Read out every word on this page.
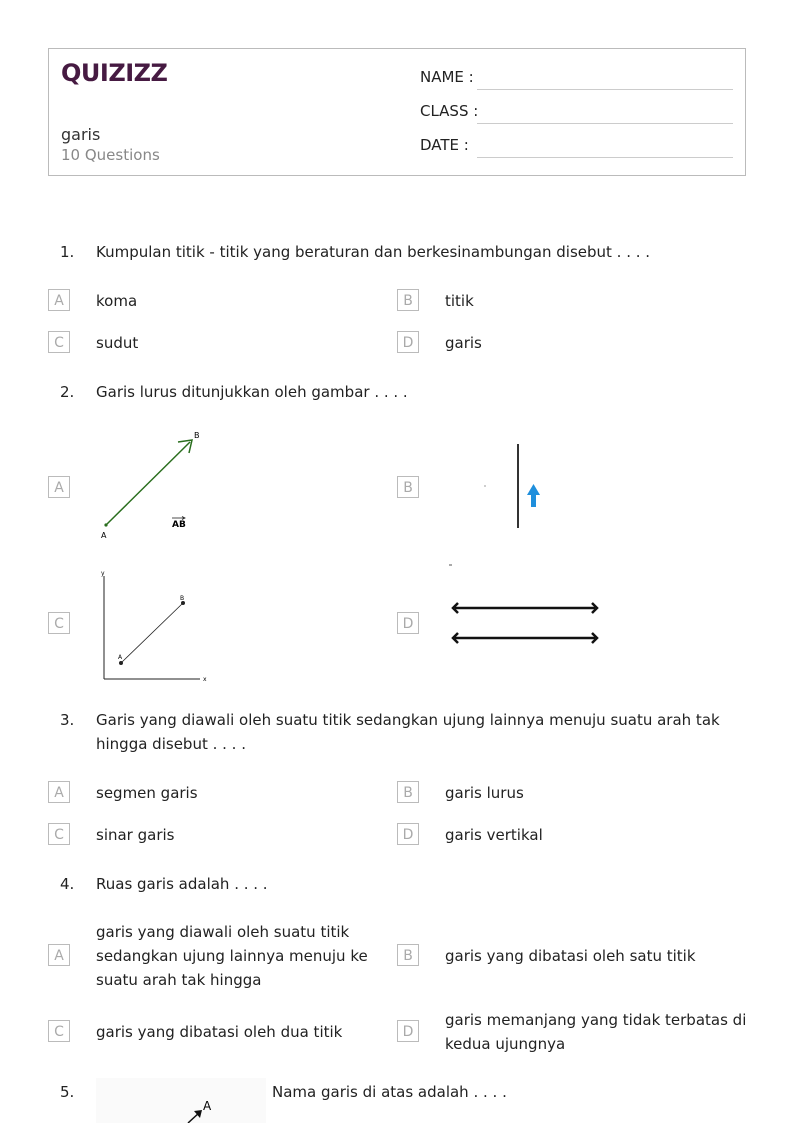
QUIZIZZ
garis
10 Questions
NAME :
CLASS :
DATE :
1.	Kumpulan titik - titik yang beraturan dan berkesinambungan disebut . . . .
A	koma	B	titik
C	sudut	D	garis
2.	Garis lurus ditunjukkan oleh gambar . . . .
A
A
B
AB
B
C
y
x
A
B
D
3.	Garis yang diawali oleh suatu titik sedangkan ujung lainnya menuju suatu arah tak
hingga disebut . . . .
A	segmen garis	B	garis lurus
C	sinar garis	D	garis vertikal
4.	Ruas garis adalah . . . .
A
garis yang diawali oleh suatu titik
sedangkan ujung lainnya menuju ke
suatu arah tak hingga
B	garis yang dibatasi oleh satu titik
C	garis yang dibatasi oleh dua titik	D
garis memanjang yang tidak terbatas di
kedua ujungnya
5.	Nama garis di atas adalah . . . .
A
